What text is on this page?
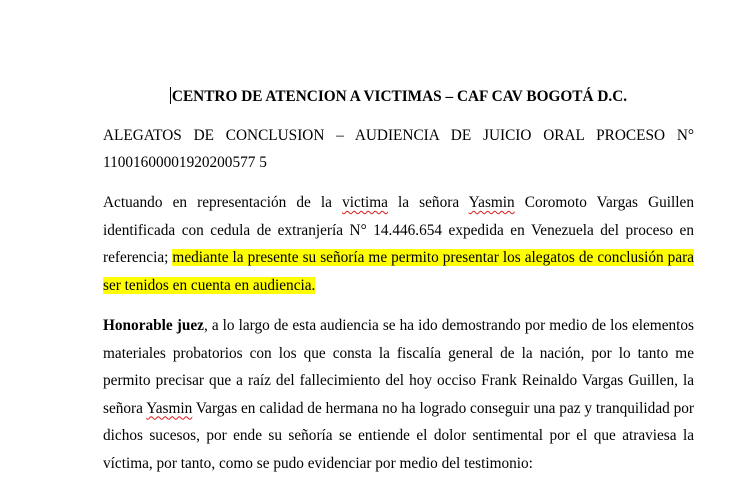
CENTRO DE ATENCION A VICTIMAS – CAF CAV BOGOTÁ D.C.

ALEGATOS DE CONCLUSION – AUDIENCIA DE JUICIO ORAL PROCESO N° 11001600001920200577 5

Actuando en representación de la victima la señora Yasmin Coromoto Vargas Guillen identificada con cedula de extranjería N° 14.446.654 expedida en Venezuela del proceso en referencia; mediante la presente su señoría me permito presentar los alegatos de conclusión para ser tenidos en cuenta en audiencia.

Honorable juez, a lo largo de esta audiencia se ha ido demostrando por medio de los elementos materiales probatorios con los que consta la fiscalía general de la nación, por lo tanto me permito precisar que a raíz del fallecimiento del hoy occiso Frank Reinaldo Vargas Guillen, la señora Yasmin Vargas en calidad de hermana no ha logrado conseguir una paz y tranquilidad por dichos sucesos, por ende su señoría se entiende el dolor sentimental por el que atraviesa la víctima, por tanto, como se pudo evidenciar por medio del testimonio:
